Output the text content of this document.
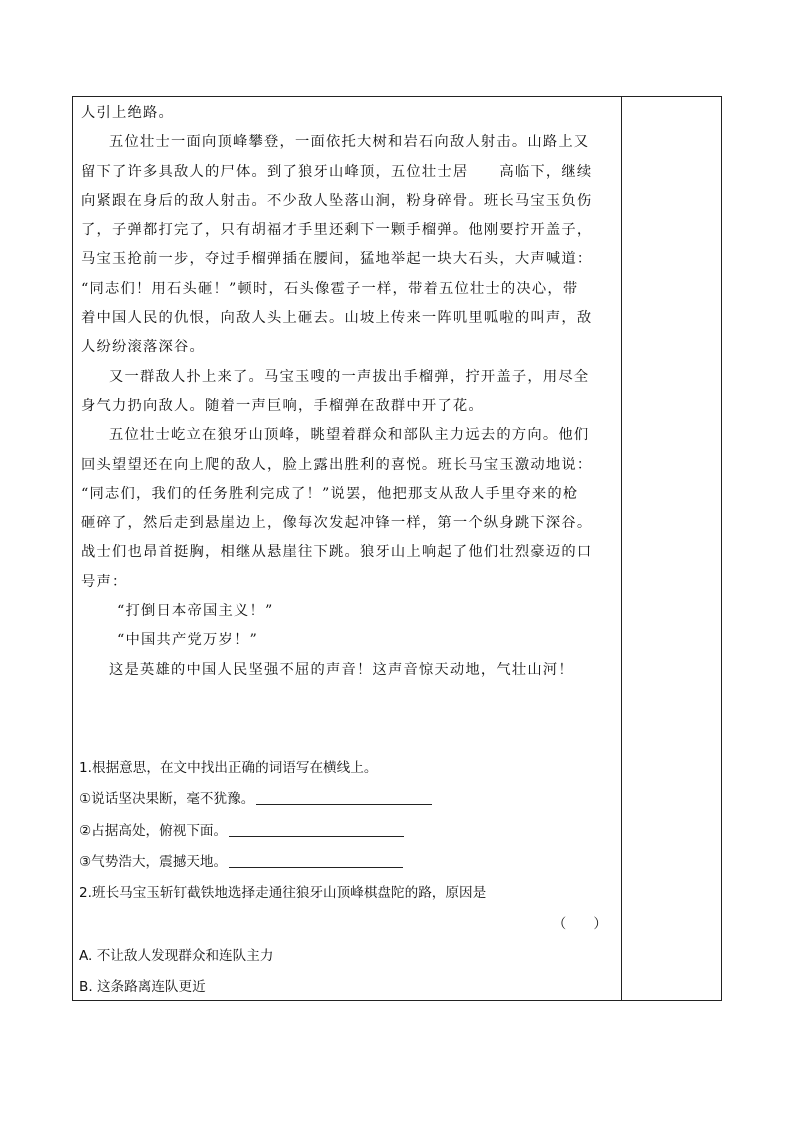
人引上绝路。

五位壮士一面向顶峰攀登，一面依托大树和岩石向敌人射击。山路上又

留下了许多具敌人的尸体。到了狼牙山峰顶，五位壮士居　　高临下，继续

向紧跟在身后的敌人射击。不少敌人坠落山涧，粉身碎骨。班长马宝玉负伤

了，子弹都打完了，只有胡福才手里还剩下一颗手榴弹。他刚要拧开盖子，

马宝玉抢前一步，夺过手榴弹插在腰间，猛地举起一块大石头，大声喊道：

“同志们！用石头砸！”顿时，石头像雹子一样，带着五位壮士的决心，带

着中国人民的仇恨，向敌人头上砸去。山坡上传来一阵叽里呱啦的叫声，敌

人纷纷滚落深谷。

又一群敌人扑上来了。马宝玉嗖的一声拔出手榴弹，拧开盖子，用尽全

身气力扔向敌人。随着一声巨响，手榴弹在敌群中开了花。

五位壮士屹立在狼牙山顶峰，眺望着群众和部队主力远去的方向。他们

回头望望还在向上爬的敌人，脸上露出胜利的喜悦。班长马宝玉激动地说：

“同志们，我们的任务胜利完成了！”说罢，他把那支从敌人手里夺来的枪

砸碎了，然后走到悬崖边上，像每次发起冲锋一样，第一个纵身跳下深谷。

战士们也昂首挺胸，相继从悬崖往下跳。狼牙山上响起了他们壮烈豪迈的口

号声：

“打倒日本帝国主义！”

“中国共产党万岁！”

这是英雄的中国人民坚强不屈的声音！这声音惊天动地，气壮山河！

1.根据意思，在文中找出正确的词语写在横线上。

①说话坚决果断，毫不犹豫。

②占据高处，俯视下面。

③气势浩大，震撼天地。

2.班长马宝玉斩钉截铁地选择走通往狼牙山顶峰棋盘陀的路，原因是

（　　）

A. 不让敌人发现群众和连队主力

B. 这条路离连队更近
